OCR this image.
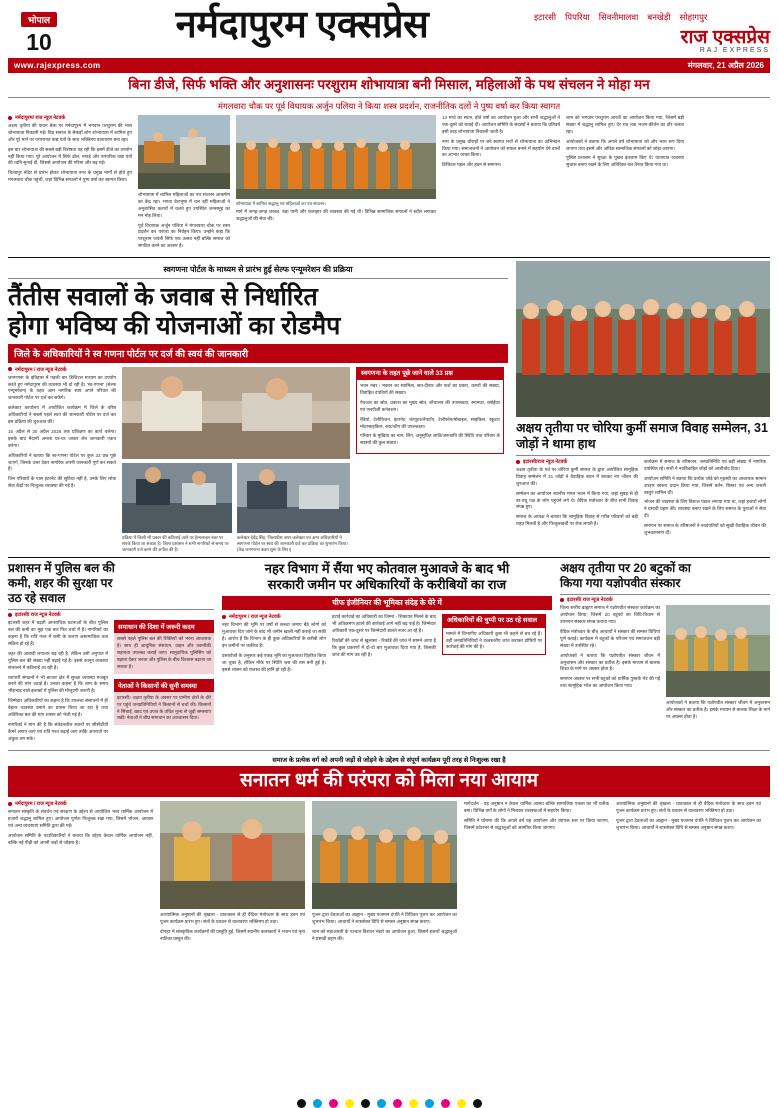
भोपाल
10	नर्मदापुरम एक्सप्रेस	इटारसी पिपरिया सिवनीमालवा बनखेड़ी सोहागपुर
राज एक्सप्रेस
RAJ EXPRESS
www.rajexpress.com	मंगलवार, 21 अप्रैल 2026
बिना डीजे, सिर्फ भक्ति और अनुशासनः परशुराम शोभायात्रा बनी मिसाल, महिलाओं के पथ संचलन ने मोहा मन
मंगलवारा चौक पर पूर्व विधायक अर्जुन पलिया ने किया शस्त्र प्रदर्शन, राजनीतिक दलों ने पुष्प वर्षा कर किया स्वागत
नर्मदापुरम/ राज न्यूज नेटवर्क

अक्षय तृतीया की पावन बेला पर नर्मदापुरम में भगवान परशुराम की भव्य शोभायात्रा निकाली गई। विप्र समाज के सैकड़ों लोग शोभायात्रा में शामिल हुए और पूरे मार्ग पर परंपरागत वाद्य यंत्रों के साथ भक्तिमय वातावरण बना रहा।

इस बार शोभायात्रा की सबसे बड़ी विशेषता यह रही कि इसमें डीजे का उपयोग नहीं किया गया। पूरे आयोजन में सिर्फ ढोल, नगाड़े और पारंपरिक वाद्य यंत्रों की ध्वनि सुनाई दी, जिससे आयोजन की गरिमा और बढ़ गई।

चितवपुर मंदिर से प्रारंभ होकर शोभायात्रा नगर के प्रमुख मार्गों से होते हुए मंगलवारा चौक पहुंची, जहां विभिन्न संगठनों ने पुष्प वर्षा कर स्वागत किया।

शोभायात्रा में शामिल महिलाओं का पथ संचलन आकर्षण का केंद्र रहा। भगवा वेशभूषा में चल रहीं महिलाओं ने अनुशासित कतारों में चलते हुए उपस्थित जनसमूह का मन मोह लिया।

पूर्व विधायक अर्जुन पलिया ने मंगलवारा चौक पर शस्त्र प्रदर्शन कर परंपरा का निर्वहन किया। उन्होंने कहा कि परशुराम जयंती सिर्फ एक उत्सव नहीं बल्कि समाज को संगठित करने का अवसर है।

शोभायात्रा में शामिल श्रद्धालु एवं महिलाओं का पथ संचलन।

मार्ग में जगह-जगह शरबत, ठंडा पानी और फलाहार की व्यवस्था की गई थी। विभिन्न सामाजिक संगठनों ने स्टॉल लगाकर श्रद्धालुओं की सेवा की।

13 मार्च का स्थान, होते वर्षा का आयोजन हुआ और सभी श्रद्धालुओं ने एक-दूसरे को बधाई दी। आयोजन समिति के सदस्यों ने बताया कि प्रतिवर्ष इसी तरह शोभायात्रा निकाली जाती है।

नगर के प्रमुख चौराहों पर बने स्वागत मंचों से शोभायात्रा का अभिनंदन किया गया। समाजजनों ने आयोजन को सफल बनाने में सहयोग देने वालों का आभार व्यक्त किया।

डिजिटल पहल और हवन से समापन।

शाम को भगवान परशुराम आरती का आयोजन किया गया, जिसमें बड़ी संख्या में श्रद्धालु शामिल हुए। देर रात तक भजन-कीर्तन का दौर चलता रहा।

आयोजकों ने बताया कि अगले वर्ष शोभायात्रा को और भव्य रूप दिया जाएगा तथा इसमें और अधिक सामाजिक संगठनों को जोड़ा जाएगा।

पुलिस प्रशासन ने सुरक्षा के पुख्ता इंतजाम किए थे। यातायात व्यवस्था सुचारू बनाए रखने के लिए अतिरिक्त बल तैनात किया गया था।

स्वगणना पोर्टल के माध्यम से प्रारंभ हुई सेल्फ एन्यूमरेशन की प्रक्रिया
तैंतीस सवालों के जवाब से निर्धारित
होगा भविष्य की योजनाओं का रोडमैप
जिले के अधिकारियों ने स्व गणना पोर्टल पर दर्ज की स्वयं की जानकारी
नर्मदापुरम / राज न्यूज नेटवर्क

जनगणना के इतिहास में पहली बार डिजिटल माध्यम का उपयोग करते हुए नर्मदापुरम की व्यवस्था भी दो रही है। 'स्व-गणना' (सेल्फ एन्यूमरेशन) के तहत आम नागरिक स्वयं अपने परिवार की जानकारी पोर्टल पर दर्ज कर सकेंगे।

कलेक्टर कार्यालय में आयोजित कार्यक्रम में जिले के वरिष्ठ अधिकारियों ने सबसे पहले स्वयं की जानकारी पोर्टल पर दर्ज कर इस प्रक्रिया की शुरुआत की।

16 अप्रैल से 30 अप्रैल 2026 तक प्रशिक्षण का कार्य चलेगा। इसके बाद मैदानी अमला घर-घर जाकर शेष जानकारी एकत्र करेगा।

अधिकारियों ने बताया कि स्व-गणना पोर्टल पर कुल 33 प्रश्न पूछे जाएंगे, जिनके उत्तर देकर नागरिक अपनी जानकारी पूर्ण कर सकते हैं।

जिन परिवारों के पास इंटरनेट की सुविधा नहीं है, उनके लिए लोक सेवा केंद्रों पर निःशुल्क व्यवस्था की गई है।

प्रक्रिया में किसी भी प्रकार की कठिनाई आने पर हेल्पलाइन नंबर पर संपर्क किया जा सकता है। जिला प्रशासन ने सभी नागरिकों से समय पर जानकारी दर्ज करने की अपील की है।
कलेक्टर देवेंद्र सिंह, जिलाधीश अपर कलेक्टर एवं अन्य अधिकारियों ने स्वगणना पोर्टल पर स्वयं की जानकारी दर्ज कर प्रक्रिया का शुभारंभ किया। (केंद्र जनगणना कक्ष्य शुरू के लिए।)
स्वगणना के तहत पूछे जाने वाले 33 प्रश्न

भवन नंबर / मकान का स्वामित्व, छत-दीवार और फर्श का प्रकार, कमरों की संख्या, विवाहित दंपतियों की संख्या।

पेयजल का स्रोत, प्रकाश का मुख्य स्रोत, शौचालय की उपलब्धता, स्नानघर, रसोईघर एवं एलपीजी कनेक्शन।

रेडियो, टेलीविजन, इंटरनेट, कंप्यूटर/लैपटॉप, टेलीफोन/मोबाइल, साइकिल, स्कूटर/मोटरसाइकिल, कार/जीप की उपलब्धता।

परिवार के मुखिया का नाम, लिंग, अनुसूचित जाति/जनजाति की स्थिति तथा परिवार के सदस्यों की कुल संख्या।

अक्षय तृतीया पर चोरिया कुर्मी समाज विवाह सम्मेलन, 31 जोड़ों ने थामा हाथ
इटारसी/राज न्यूज नेटवर्क

अक्षय तृतीया के पर्व पर चोरिया कुर्मी समाज के द्वारा आयोजित सामूहिक विवाह सम्मेलन में 31 जोड़ों ने वैवाहिक बंधन में बंधकर नए जीवन की शुरुआत की।

सम्मेलन का आयोजन स्थानीय मंगल भवन में किया गया, जहां सुबह से ही वर-वधू पक्ष के लोग पहुंचने लगे थे। वैदिक मंत्रोच्चार के बीच सभी विवाह संपन्न हुए।

समाज के अध्यक्ष ने बताया कि सामूहिक विवाह से गरीब परिवारों को बड़ी राहत मिलती है और फिजूलखर्ची पर रोक लगती है।

कार्यक्रम में समाज के वरिष्ठजन, जनप्रतिनिधि एवं बड़ी संख्या में नागरिक उपस्थित रहे। सभी ने नवविवाहित जोड़ों को आशीर्वाद दिया।

आयोजन समिति ने बताया कि प्रत्येक जोड़े को गृहस्थी का आवश्यक सामान उपहार स्वरूप प्रदान किया गया, जिसमें बर्तन, बिस्तर एवं अन्य जरूरी वस्तुएं शामिल थीं।

भोजन की व्यवस्था के लिए विशाल पंडाल लगाया गया था, जहां हजारों लोगों ने प्रसादी ग्रहण की। व्यवस्था बनाए रखने के लिए समाज के युवाओं ने सेवा दी।

समापन पर समाज के वरिष्ठजनों ने नवदंपतियों को सुखी वैवाहिक जीवन की शुभकामनाएं दीं।

प्रशासन में पुलिस बल की
कमी, शहर की सुरक्षा पर
उठ रहे सवाल
इटारसी/ राज न्यूज नेटवर्क

इटारसी शहर में बढ़ती आपराधिक घटनाओं के बीच पुलिस बल की कमी का मुद्दा एक बार फिर चर्चा में है। नागरिकों का कहना है कि रात्रि गश्त में कमी के कारण असामाजिक तत्व सक्रिय हो रहे हैं।

शहर की आबादी लगातार बढ़ रही है, लेकिन उसी अनुपात में पुलिस बल की संख्या नहीं बढ़ाई गई है। इससे कानून व्यवस्था संभालने में कठिनाई आ रही है।

व्यापारी संगठनों ने भी बाजार क्षेत्र में सुरक्षा व्यवस्था मजबूत करने की मांग उठाई है। उनका कहना है कि शाम के समय भीड़भाड़ वाले इलाकों में पुलिस की मौजूदगी जरूरी है।

जिम्मेदार अधिकारियों का कहना है कि उपलब्ध संसाधनों में ही बेहतर व्यवस्था बनाने का प्रयास किया जा रहा है तथा अतिरिक्त बल की मांग शासन को भेजी गई है।

नागरिकों ने मांग की है कि संवेदनशील स्थानों पर सीसीटीवी कैमरे लगाए जाएं एवं रात्रि गश्त बढ़ाई जाए ताकि अपराधों पर अंकुश लग सके।

समाधान की दिशा में जरूरी कदम
सबसे पहले पुलिस बल की रिक्तियों को भरना आवश्यक है। साथ ही आधुनिक संसाधन, वाहन और तकनीकी सहायता उपलब्ध कराई जाए। सामुदायिक पुलिसिंग को बढ़ावा देकर जनता और पुलिस के बीच विश्वास बढ़ाया जा सकता है।
नेताओं ने किसानों की सुनी समस्या
इटारसी। अक्षय तृतीया के अवसर पर ग्रामीण क्षेत्रों के दौरे पर पहुंचे जनप्रतिनिधियों ने किसानों से चर्चा की। किसानों ने सिंचाई, खाद एवं उपज के उचित मूल्य से जुड़ी समस्याएं रखीं। नेताओं ने शीघ्र समाधान का आश्वासन दिया।
नहर विभाग में सैंया भए कोतवाल मुआवजे के बाद भी
सरकारी जमीन पर अधिकारियों के करीबियों का राज
चीफ इंजीनियर की भूमिका संदेह के घेरे में
नर्मदापुरम / राज न्यूज नेटवर्क

नहर विभाग की भूमि पर वर्षों से कब्जा जमाए बैठे लोगों को मुआवजा दिए जाने के बाद भी जमीन खाली नहीं कराई जा सकी है। आरोप है कि विभाग के ही कुछ अधिकारियों के करीबी लोग इन जमीनों पर काबिज हैं।

दस्तावेजों के अनुसार कई एकड़ भूमि का मुआवजा वितरित किया जा चुका है, लेकिन मौके पर स्थिति जस की तस बनी हुई है। इससे शासन को राजस्व की हानि हो रही है।

हटाई कार्रवाई का अधिकारी का जिम्मा - शिकायत मिलने के बाद भी अतिक्रमण हटाने की कार्रवाई आगे नहीं बढ़ पाई है। जिम्मेदार अधिकारी एक-दूसरे पर जिम्मेदारी डालते नजर आ रहे हैं।

रिकॉर्डों की जांच से खुलासा - रिकॉर्ड की जांच में सामने आया है कि कुछ प्रकरणों में दो-दो बार मुआवजा दिया गया है, जिसकी जांच की मांग उठ रही है।

अधिकारियों की चुप्पी पर उठ रहे सवाल
मामले में विभागीय अधिकारी कुछ भी कहने से बच रहे हैं। वहीं जनप्रतिनिधियों ने उच्चस्तरीय जांच कराकर दोषियों पर कार्रवाई की मांग की है।
अक्षय तृतीया पर 20 बटुकों का
किया गया यज्ञोपवीत संस्कार
इटारसी/ राज न्यूज नेटवर्क

जिला स्तरीय ब्राह्मण समाज ने यज्ञोपवीत संस्कार कार्यक्रम का आयोजन किया, जिसमें 20 बटुकों का विधि-विधान से उपनयन संस्कार संपन्न कराया गया।

वैदिक मंत्रोच्चार के बीच आचार्यों ने संस्कार की समस्त विधियां पूर्ण कराईं। कार्यक्रम में बटुकों के परिजन एवं समाजजन बड़ी संख्या में उपस्थित रहे।

आयोजकों ने बताया कि यज्ञोपवीत संस्कार जीवन में अनुशासन और संस्कार का प्रतीक है। इसके माध्यम से बालक शिक्षा के मार्ग पर अग्रसर होता है।

समापन अवसर पर सभी बटुकों को धार्मिक पुस्तकें भेंट की गईं तथा सामूहिक भोज का आयोजन किया गया।

आयोजकों ने बताया कि यज्ञोपवीत संस्कार जीवन में अनुशासन और संस्कार का प्रतीक है। इसके माध्यम से बालक शिक्षा के मार्ग पर अग्रसर होता है।

समाज के प्रत्येक वर्ग को अपनी जड़ों से जोड़ने के उद्देश्य से संपूर्ण कार्यक्रम पूरी तरह से निःशुल्क रखा है
सनातन धर्म की परंपरा को मिला नया आयाम
नर्मदापुरम / राज न्यूज नेटवर्क

सनातन संस्कृति के संवर्धन एवं संरक्षण के उद्देश्य से आयोजित भव्य धार्मिक आयोजन में हजारों श्रद्धालु शामिल हुए। आयोजन पूर्णतः निःशुल्क रखा गया, जिसमें भोजन, आवास एवं अन्य व्यवस्थाएं समिति द्वारा की गईं।

आयोजन समिति के पदाधिकारियों ने बताया कि उद्देश्य केवल धार्मिक आयोजन नहीं, बल्कि नई पीढ़ी को अपनी जड़ों से जोड़ना है।

आध्यात्मिक अनुष्ठानों की श्रृंखला - प्रातःकाल से ही वैदिक मंत्रोच्चार के साथ हवन एवं पूजन कार्यक्रम प्रारंभ हुए। संतों के प्रवचन से वातावरण भक्तिमय हो उठा।

दोपहर में सांस्कृतिक कार्यक्रमों की प्रस्तुति हुई, जिसमें स्थानीय कलाकारों ने भजन एवं नृत्य नाटिका प्रस्तुत की।

पूजन द्वारा देवताओं का आह्वान - मुख्य यजमान दंपति ने विधिवत पूजन कर आयोजन का शुभारंभ किया। आचार्यों ने शास्त्रोक्त विधि से समस्त अनुष्ठान संपन्न कराए।

शाम को महाआरती के पश्चात विशाल भंडारे का आयोजन हुआ, जिसमें हजारों श्रद्धालुओं ने प्रसादी ग्रहण की।

मार्गदर्शन - यह अनुष्ठान न केवल धार्मिक आस्था बल्कि सामाजिक एकता का भी प्रतीक बना। विभिन्न वर्गों के लोगों ने मिलकर व्यवस्थाओं में सहयोग किया।

समिति ने घोषणा की कि अगले वर्ष यह आयोजन और व्यापक स्तर पर किया जाएगा, जिसमें प्रदेशभर से श्रद्धालुओं को आमंत्रित किया जाएगा।

आध्यात्मिक अनुष्ठानों की श्रृंखला - प्रातःकाल से ही वैदिक मंत्रोच्चार के साथ हवन एवं पूजन कार्यक्रम प्रारंभ हुए। संतों के प्रवचन से वातावरण भक्तिमय हो उठा।

पूजन द्वारा देवताओं का आह्वान - मुख्य यजमान दंपति ने विधिवत पूजन कर आयोजन का शुभारंभ किया। आचार्यों ने शास्त्रोक्त विधि से समस्त अनुष्ठान संपन्न कराए।
